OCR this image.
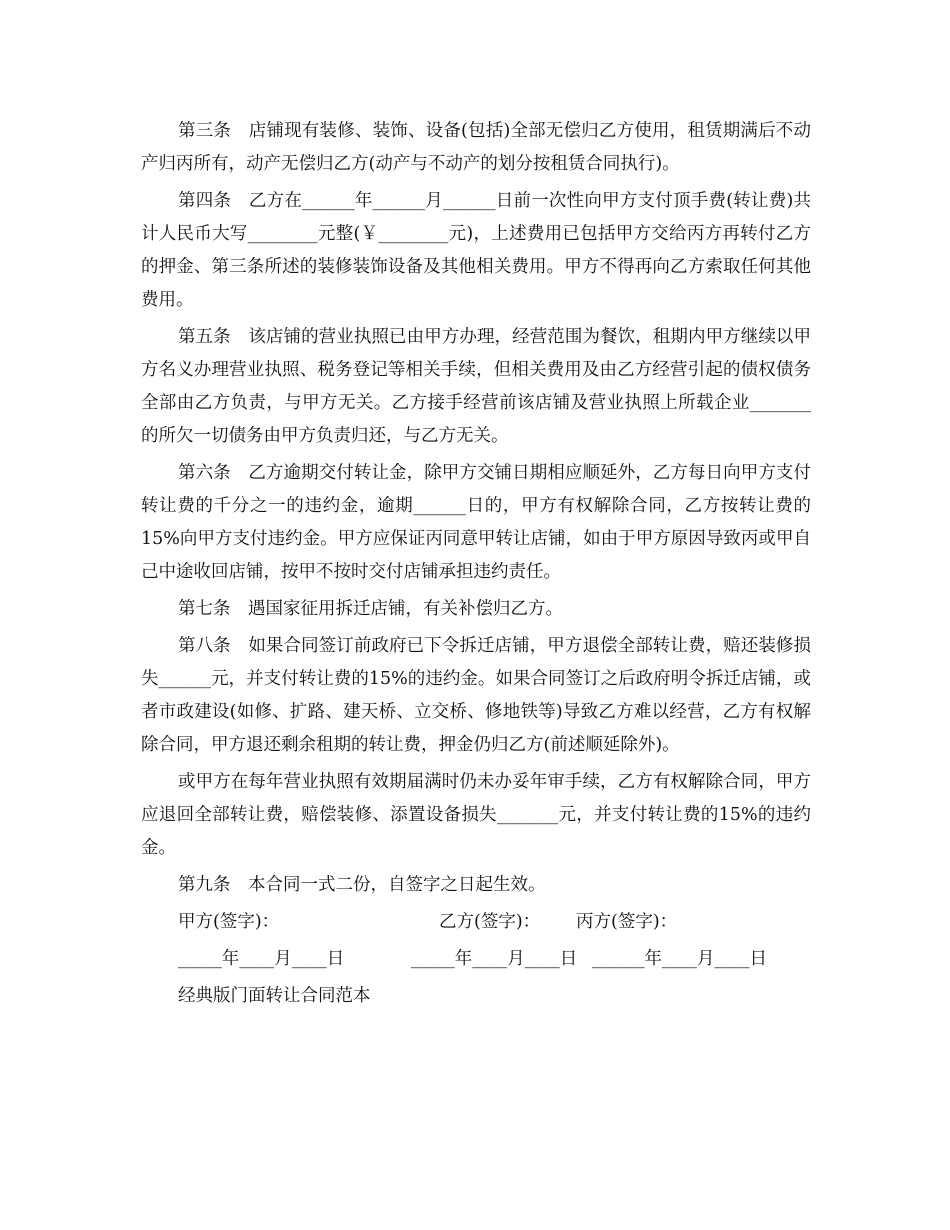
第三条　店铺现有装修、装饰、设备(包括)全部无偿归乙方使用，租赁期满后不动产归丙所有，动产无偿归乙方(动产与不动产的划分按租赁合同执行)。

第四条　乙方在______年______月______日前一次性向甲方支付顶手费(转让费)共计人民币大写________元整(￥________元)，上述费用已包括甲方交给丙方再转付乙方的押金、第三条所述的装修装饰设备及其他相关费用。甲方不得再向乙方索取任何其他费用。

第五条　该店铺的营业执照已由甲方办理，经营范围为餐饮，租期内甲方继续以甲方名义办理营业执照、税务登记等相关手续，但相关费用及由乙方经营引起的债权债务全部由乙方负责，与甲方无关。乙方接手经营前该店铺及营业执照上所载企业_______的所欠一切债务由甲方负责归还，与乙方无关。

第六条　乙方逾期交付转让金，除甲方交铺日期相应顺延外，乙方每日向甲方支付转让费的千分之一的违约金，逾期______日的，甲方有权解除合同，乙方按转让费的15%向甲方支付违约金。甲方应保证丙同意甲转让店铺，如由于甲方原因导致丙或甲自己中途收回店铺，按甲不按时交付店铺承担违约责任。

第七条　遇国家征用拆迁店铺，有关补偿归乙方。

第八条　如果合同签订前政府已下令拆迁店铺，甲方退偿全部转让费，赔还装修损失______元，并支付转让费的15%的违约金。如果合同签订之后政府明令拆迁店铺，或者市政建设(如修、扩路、建天桥、立交桥、修地铁等)导致乙方难以经营，乙方有权解除合同，甲方退还剩余租期的转让费，押金仍归乙方(前述顺延除外)。

或甲方在每年营业执照有效期届满时仍未办妥年审手续，乙方有权解除合同，甲方应退回全部转让费，赔偿装修、添置设备损失_______元，并支付转让费的15%的违约金。

第九条　本合同一式二份，自签字之日起生效。

甲方(签字)：	乙方(签字)： 丙方(签字)：
_____年____月____日	_____年____月____日 ______年____月____日

经典版门面转让合同范本
